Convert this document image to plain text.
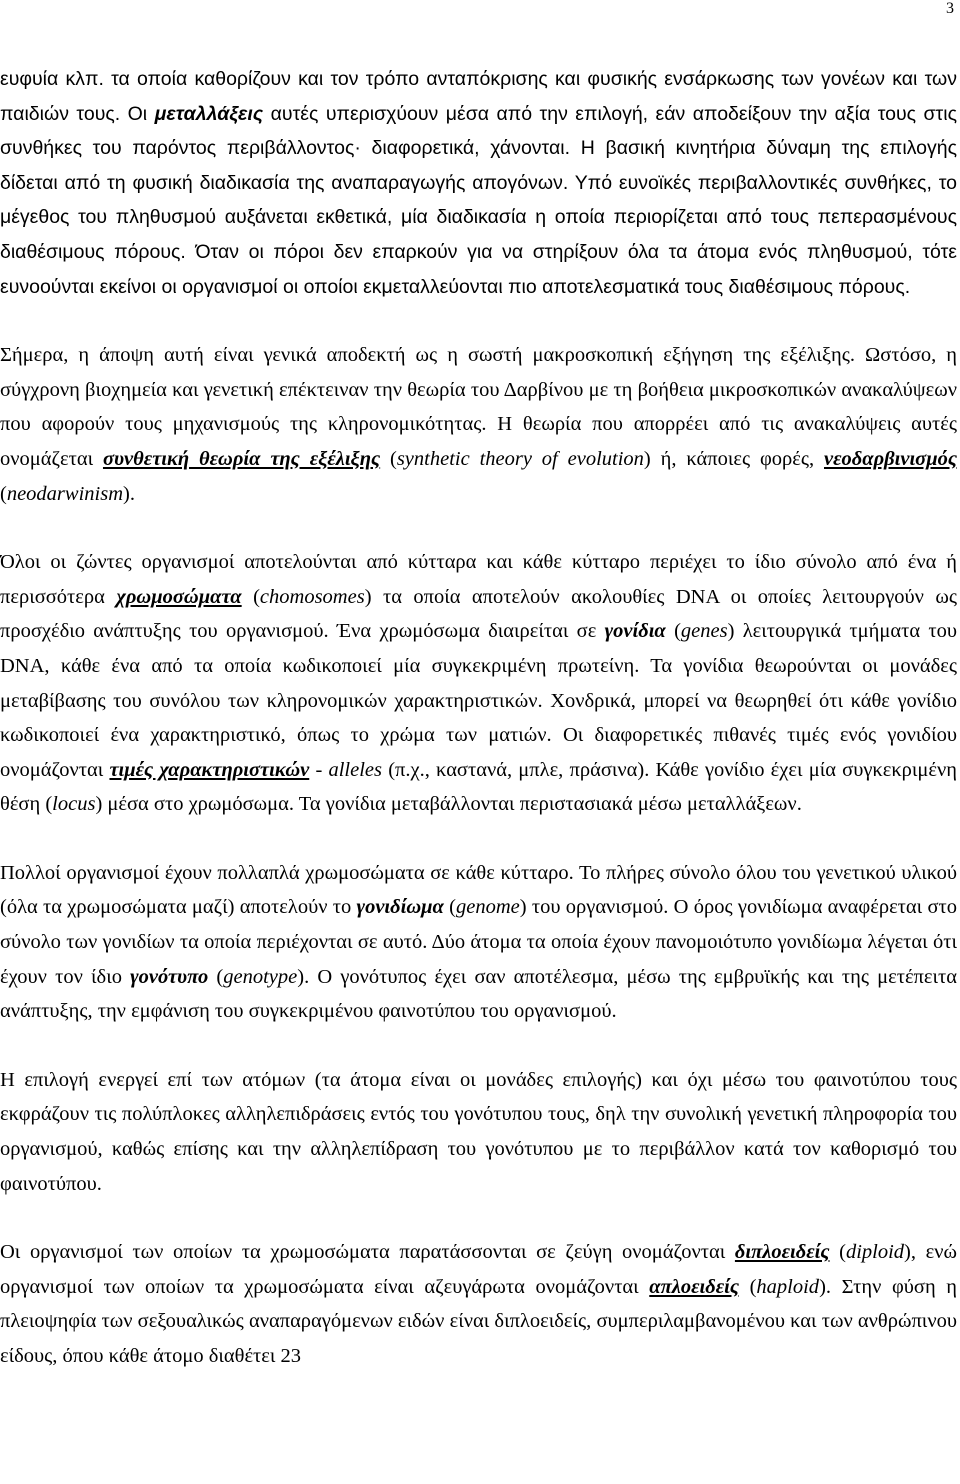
3

ευφυία κλπ. τα οποία καθορίζουν και τον τρόπο ανταπόκρισης και φυσικής ενσάρκωσης των γονέων και των παιδιών τους. Οι μεταλλάξεις αυτές υπερισχύουν μέσα από την επιλογή, εάν αποδείξουν την αξία τους στις συνθήκες του παρόντος περιβάλλοντος· διαφορετικά, χάνονται. Η βασική κινητήρια δύναμη της επιλογής δίδεται από τη φυσική διαδικασία της αναπαραγωγής απογόνων. Υπό ευνοϊκές περιβαλλοντικές συνθήκες, το μέγεθος του πληθυσμού αυξάνεται εκθετικά, μία διαδικασία η οποία περιορίζεται από τους πεπερασμένους διαθέσιμους πόρους. Όταν οι πόροι δεν επαρκούν για να στηρίξουν όλα τα άτομα ενός πληθυσμού, τότε ευνοούνται εκείνοι οι οργανισμοί οι οποίοι εκμεταλλεύονται πιο αποτελεσματικά τους διαθέσιμους πόρους.

Σήμερα, η άποψη αυτή είναι γενικά αποδεκτή ως η σωστή μακροσκοπική εξήγηση της εξέλιξης. Ωστόσο, η σύγχρονη βιοχημεία και γενετική επέκτειναν την θεωρία του Δαρβίνου με τη βοήθεια μικροσκοπικών ανακαλύψεων που αφορούν τους μηχανισμούς της κληρονομικότητας. Η θεωρία που απορρέει από τις ανακαλύψεις αυτές ονομάζεται συνθετική θεωρία της εξέλιξης (synthetic theory of evolution) ή, κάποιες φορές, νεοδαρβινισμός (neodarwinism).

Όλοι οι ζώντες οργανισμοί αποτελούνται από κύτταρα και κάθε κύτταρο περιέχει το ίδιο σύνολο από ένα ή περισσότερα χρωμοσώματα (chomosomes) τα οποία αποτελούν ακολουθίες DNA οι οποίες λειτουργούν ως προσχέδιο ανάπτυξης του οργανισμού. Ένα χρωμόσωμα διαιρείται σε γονίδια (genes) λειτουργικά τμήματα του DNA, κάθε ένα από τα οποία κωδικοποιεί μία συγκεκριμένη πρωτείνη. Τα γονίδια θεωρούνται οι μονάδες μεταβίβασης του συνόλου των κληρονομικών χαρακτηριστικών. Χονδρικά, μπορεί να θεωρηθεί ότι κάθε γονίδιο κωδικοποιεί ένα χαρακτηριστικό, όπως το χρώμα των ματιών. Οι διαφορετικές πιθανές τιμές ενός γονιδίου ονομάζονται τιμές χαρακτηριστικών - alleles (π.χ., καστανά, μπλε, πράσινα). Κάθε γονίδιο έχει μία συγκεκριμένη θέση (locus) μέσα στο χρωμόσωμα. Τα γονίδια μεταβάλλονται περιστασιακά μέσω μεταλλάξεων.

Πολλοί οργανισμοί έχουν πολλαπλά χρωμοσώματα σε κάθε κύτταρο. Το πλήρες σύνολο όλου του γενετικού υλικού (όλα τα χρωμοσώματα μαζί) αποτελούν το γονιδίωμα (genome) του οργανισμού. Ο όρος γονιδίωμα αναφέρεται στο σύνολο των γονιδίων τα οποία περιέχονται σε αυτό. Δύο άτομα τα οποία έχουν πανομοιότυπο γονιδίωμα λέγεται ότι έχουν τον ίδιο γονότυπο (genotype). Ο γονότυπος έχει σαν αποτέλεσμα, μέσω της εμβρυϊκής και της μετέπειτα ανάπτυξης, την εμφάνιση του συγκεκριμένου φαινοτύπου του οργανισμού.

Η επιλογή ενεργεί επί των ατόμων (τα άτομα είναι οι μονάδες επιλογής) και όχι μέσω του φαινοτύπου τους εκφράζουν τις πολύπλοκες αλληλεπιδράσεις εντός του γονότυπου τους, δηλ την συνολική γενετική πληροφορία του οργανισμού, καθώς επίσης και την αλληλεπίδραση του γονότυπου με το περιβάλλον κατά τον καθορισμό του φαινοτύπου.

Οι οργανισμοί των οποίων τα χρωμοσώματα παρατάσσονται σε ζεύγη ονομάζονται διπλοειδείς (diploid), ενώ οργανισμοί των οποίων τα χρωμοσώματα είναι αζευγάρωτα ονομάζονται απλοειδείς (haploid). Στην φύση η πλειοψηφία των σεξουαλικώς αναπαραγόμενων ειδών είναι διπλοειδείς, συμπεριλαμβανομένου και των ανθρώπινου είδους, όπου κάθε άτομο διαθέτει 23
